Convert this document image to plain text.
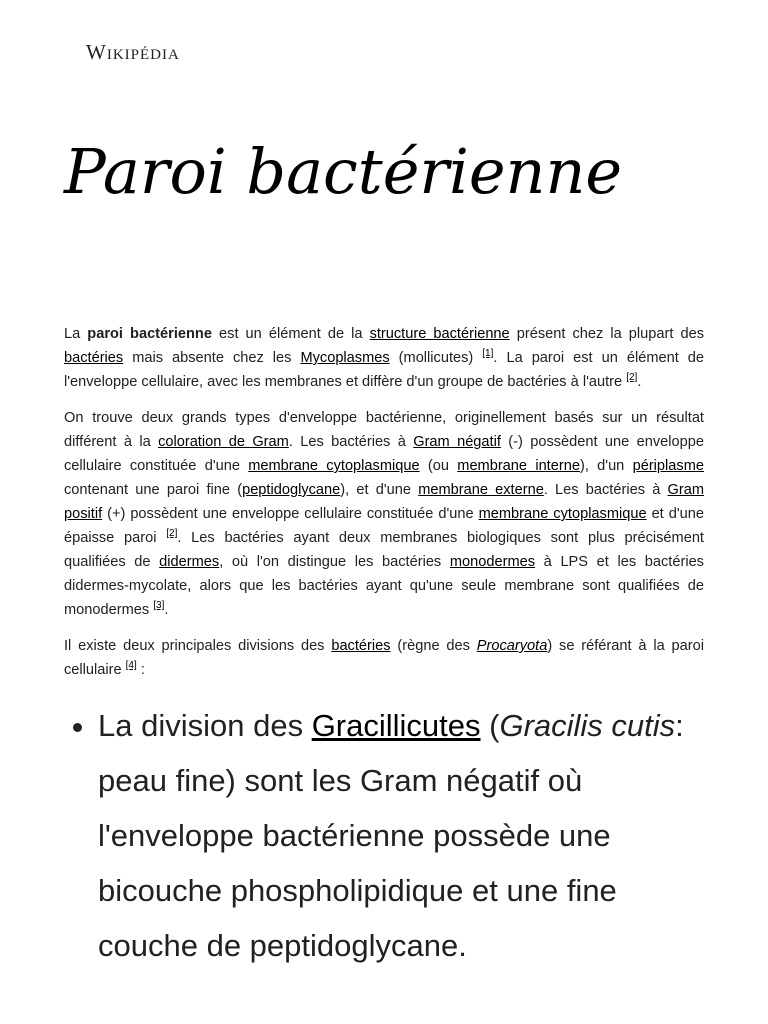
Wikipédia
Paroi bactérienne

La paroi bactérienne est un élément de la structure bactérienne présent chez la plupart des bactéries mais absente chez les Mycoplasmes (mollicutes) [1]. La paroi est un élément de l'enveloppe cellulaire, avec les membranes et diffère d'un groupe de bactéries à l'autre [2].

On trouve deux grands types d'enveloppe bactérienne, originellement basés sur un résultat différent à la coloration de Gram. Les bactéries à Gram négatif (-) possèdent une enveloppe cellulaire constituée d'une membrane cytoplasmique (ou membrane interne), d'un périplasme contenant une paroi fine (peptidoglycane), et d'une membrane externe. Les bactéries à Gram positif (+) possèdent une enveloppe cellulaire constituée d'une membrane cytoplasmique et d'une épaisse paroi [2]. Les bactéries ayant deux membranes biologiques sont plus précisément qualifiées de didermes, où l'on distingue les bactéries monodermes à LPS et les bactéries didermes-mycolate, alors que les bactéries ayant qu'une seule membrane sont qualifiées de monodermes [3].

Il existe deux principales divisions des bactéries (règne des Procaryota) se référant à la paroi cellulaire [4] :

• La division des Gracillicutes (Gracilis cutis: peau fine) sont les Gram négatif où l'enveloppe bactérienne possède une bicouche phospholipidique et une fine couche de peptidoglycane.
